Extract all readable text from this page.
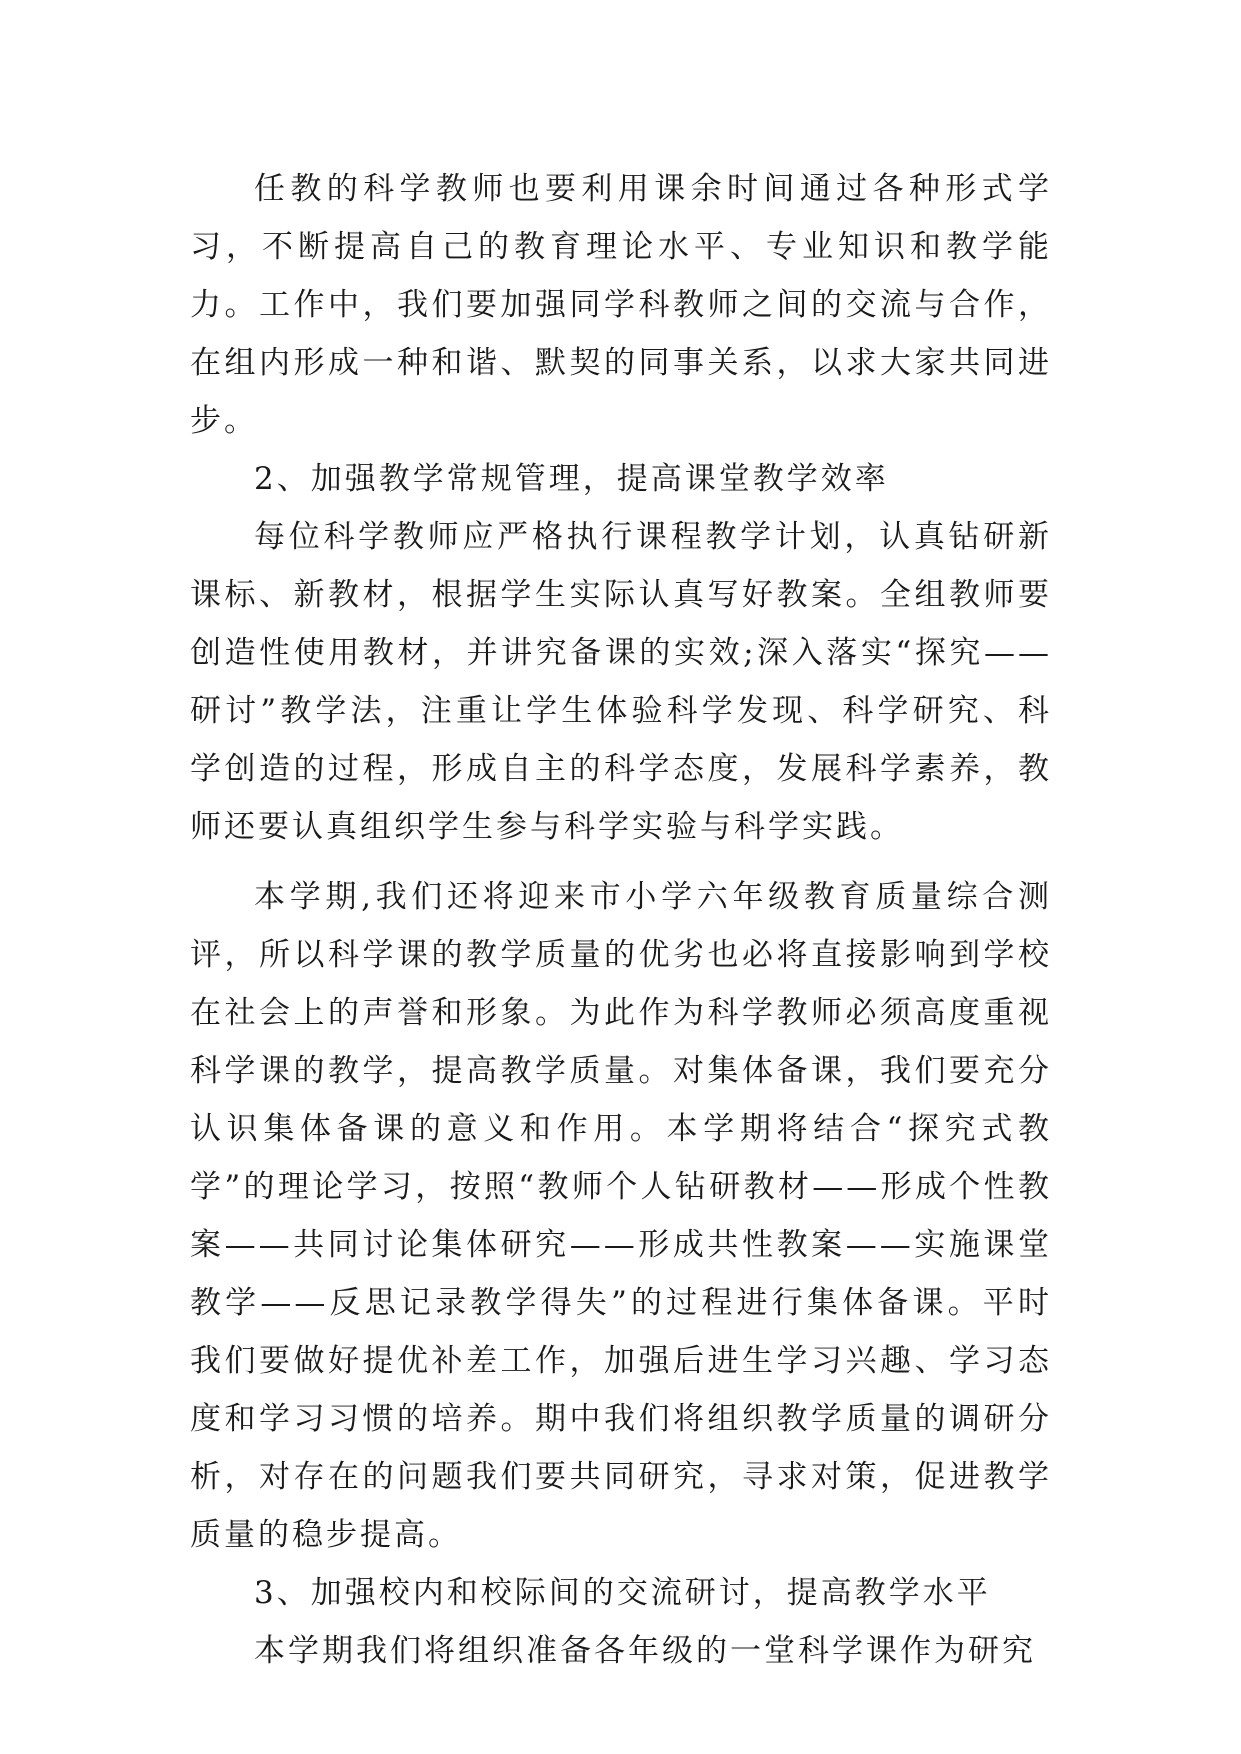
任教的科学教师也要利用课余时间通过各种形式学习，不断提高自己的教育理论水平、专业知识和教学能力。工作中，我们要加强同学科教师之间的交流与合作，在组内形成一种和谐、默契的同事关系，以求大家共同进步。

2、加强教学常规管理，提高课堂教学效率

每位科学教师应严格执行课程教学计划，认真钻研新课标、新教材，根据学生实际认真写好教案。全组教师要创造性使用教材，并讲究备课的实效;深入落实“探究——研讨”教学法，注重让学生体验科学发现、科学研究、科学创造的过程，形成自主的科学态度，发展科学素养，教师还要认真组织学生参与科学实验与科学实践。

本学期,我们还将迎来市小学六年级教育质量综合测评，所以科学课的教学质量的优劣也必将直接影响到学校在社会上的声誉和形象。为此作为科学教师必须高度重视科学课的教学，提高教学质量。对集体备课，我们要充分认识集体备课的意义和作用。本学期将结合“探究式教学”的理论学习，按照“教师个人钻研教材——形成个性教案——共同讨论集体研究——形成共性教案——实施课堂教学——反思记录教学得失”的过程进行集体备课。平时我们要做好提优补差工作，加强后进生学习兴趣、学习态度和学习习惯的培养。期中我们将组织教学质量的调研分析，对存在的问题我们要共同研究，寻求对策，促进教学质量的稳步提高。

3、加强校内和校际间的交流研讨，提高教学水平

本学期我们将组织准备各年级的一堂科学课作为研究
